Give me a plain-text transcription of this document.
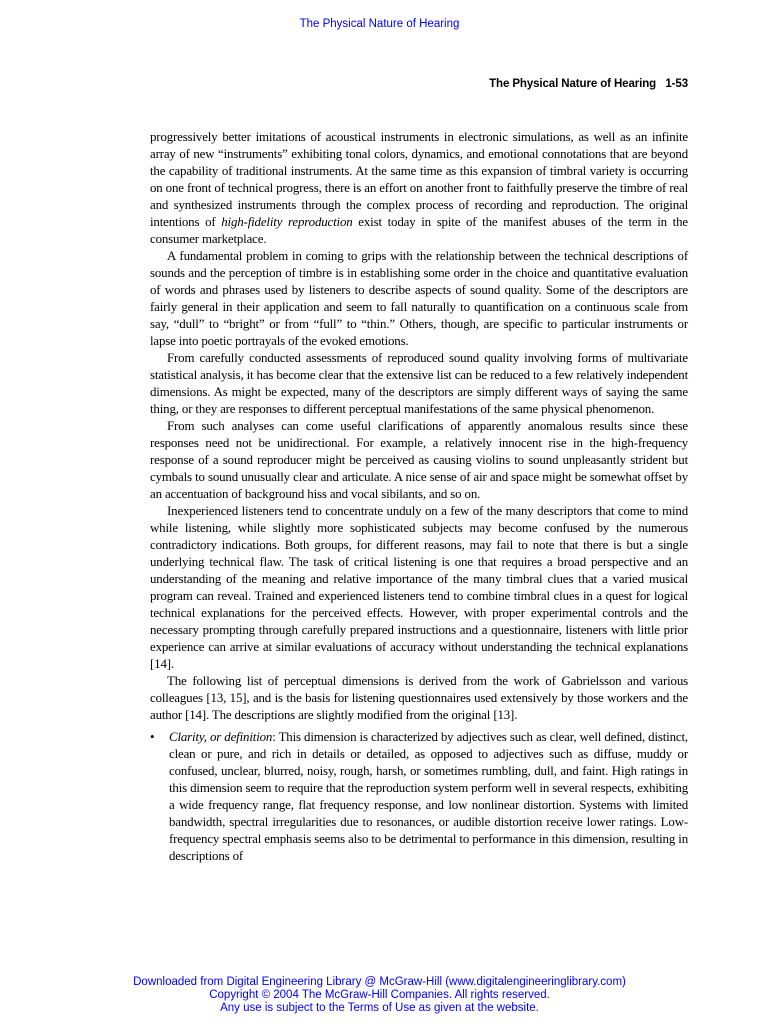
The Physical Nature of Hearing
The Physical Nature of Hearing   1-53

progressively better imitations of acoustical instruments in electronic simulations, as well as an infinite array of new “instruments” exhibiting tonal colors, dynamics, and emotional connotations that are beyond the capability of traditional instruments. At the same time as this expansion of timbral variety is occurring on one front of technical progress, there is an effort on another front to faithfully preserve the timbre of real and synthesized instruments through the complex process of recording and reproduction. The original intentions of high-fidelity reproduction exist today in spite of the manifest abuses of the term in the consumer marketplace.

A fundamental problem in coming to grips with the relationship between the technical descriptions of sounds and the perception of timbre is in establishing some order in the choice and quantitative evaluation of words and phrases used by listeners to describe aspects of sound quality. Some of the descriptors are fairly general in their application and seem to fall naturally to quantification on a continuous scale from say, “dull” to “bright” or from “full” to “thin.” Others, though, are specific to particular instruments or lapse into poetic portrayals of the evoked emotions.

From carefully conducted assessments of reproduced sound quality involving forms of multivariate statistical analysis, it has become clear that the extensive list can be reduced to a few relatively independent dimensions. As might be expected, many of the descriptors are simply different ways of saying the same thing, or they are responses to different perceptual manifestations of the same physical phenomenon.

From such analyses can come useful clarifications of apparently anomalous results since these responses need not be unidirectional. For example, a relatively innocent rise in the high-frequency response of a sound reproducer might be perceived as causing violins to sound unpleasantly strident but cymbals to sound unusually clear and articulate. A nice sense of air and space might be somewhat offset by an accentuation of background hiss and vocal sibilants, and so on.

Inexperienced listeners tend to concentrate unduly on a few of the many descriptors that come to mind while listening, while slightly more sophisticated subjects may become confused by the numerous contradictory indications. Both groups, for different reasons, may fail to note that there is but a single underlying technical flaw. The task of critical listening is one that requires a broad perspective and an understanding of the meaning and relative importance of the many timbral clues that a varied musical program can reveal. Trained and experienced listeners tend to combine timbral clues in a quest for logical technical explanations for the perceived effects. However, with proper experimental controls and the necessary prompting through carefully prepared instructions and a questionnaire, listeners with little prior experience can arrive at similar evaluations of accuracy without understanding the technical explanations [14].

The following list of perceptual dimensions is derived from the work of Gabrielsson and various colleagues [13, 15], and is the basis for listening questionnaires used extensively by those workers and the author [14]. The descriptions are slightly modified from the original [13].

• Clarity, or definition: This dimension is characterized by adjectives such as clear, well defined, distinct, clean or pure, and rich in details or detailed, as opposed to adjectives such as diffuse, muddy or confused, unclear, blurred, noisy, rough, harsh, or sometimes rumbling, dull, and faint. High ratings in this dimension seem to require that the reproduction system perform well in several respects, exhibiting a wide frequency range, flat frequency response, and low nonlinear distortion. Systems with limited bandwidth, spectral irregularities due to resonances, or audible distortion receive lower ratings. Low-frequency spectral emphasis seems also to be detrimental to performance in this dimension, resulting in descriptions of
Downloaded from Digital Engineering Library @ McGraw-Hill (www.digitalengineeringlibrary.com)
Copyright © 2004 The McGraw-Hill Companies. All rights reserved.
Any use is subject to the Terms of Use as given at the website.
